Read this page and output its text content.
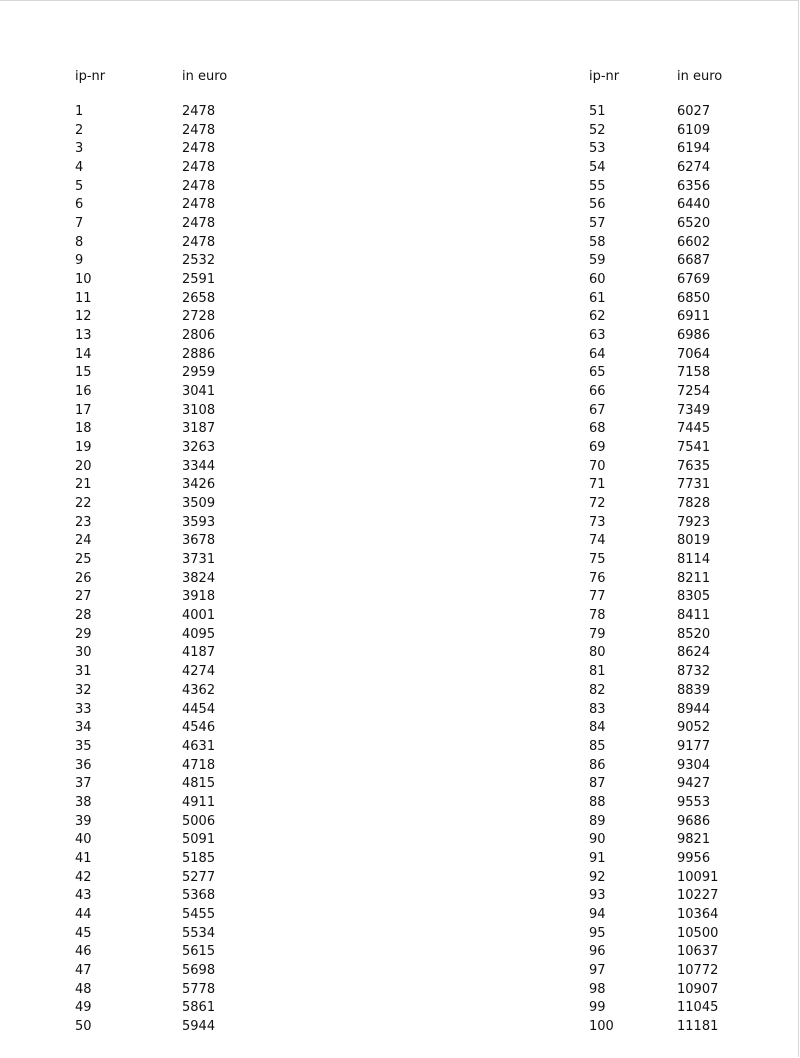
ip-nr	in euro
1	2478
2	2478
3	2478
4	2478
5	2478
6	2478
7	2478
8	2478
9	2532
10	2591
11	2658
12	2728
13	2806
14	2886
15	2959
16	3041
17	3108
18	3187
19	3263
20	3344
21	3426
22	3509
23	3593
24	3678
25	3731
26	3824
27	3918
28	4001
29	4095
30	4187
31	4274
32	4362
33	4454
34	4546
35	4631
36	4718
37	4815
38	4911
39	5006
40	5091
41	5185
42	5277
43	5368
44	5455
45	5534
46	5615
47	5698
48	5778
49	5861
50	5944
ip-nr	in euro
51	6027
52	6109
53	6194
54	6274
55	6356
56	6440
57	6520
58	6602
59	6687
60	6769
61	6850
62	6911
63	6986
64	7064
65	7158
66	7254
67	7349
68	7445
69	7541
70	7635
71	7731
72	7828
73	7923
74	8019
75	8114
76	8211
77	8305
78	8411
79	8520
80	8624
81	8732
82	8839
83	8944
84	9052
85	9177
86	9304
87	9427
88	9553
89	9686
90	9821
91	9956
92	10091
93	10227
94	10364
95	10500
96	10637
97	10772
98	10907
99	11045
100	11181
